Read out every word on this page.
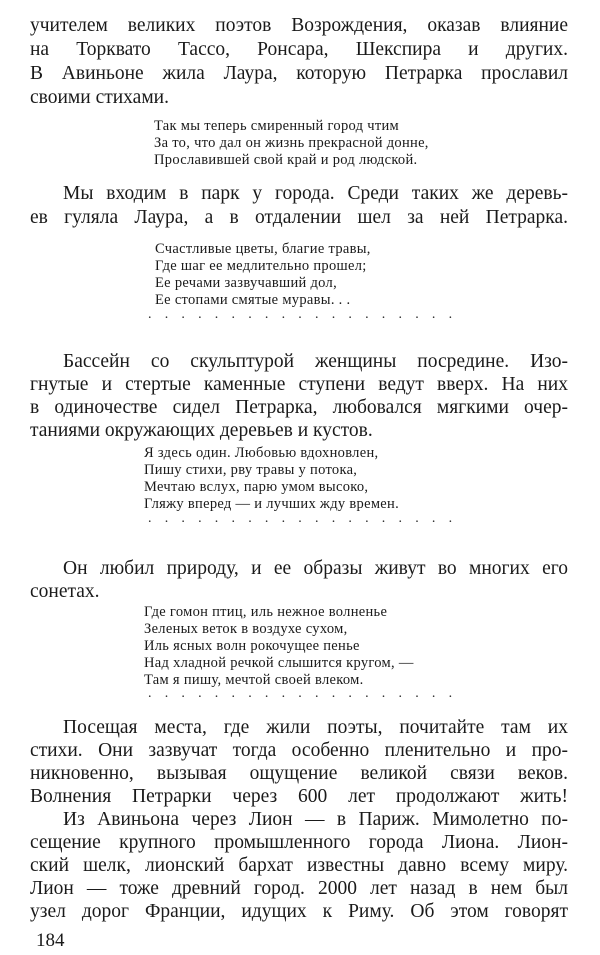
учителем великих поэтов Возрождения, оказав влияние
на Торквато Тассо, Ронсара, Шекспира и других.
В Авиньоне жила Лаура, которую Петрарка прославил
своими стихами.
Так мы теперь смиренный город чтим
За то, что дал он жизнь прекрасной донне,
Прославившей свой край и род людской.
Мы входим в парк у города. Среди таких же деревь-
ев гуляла Лаура, а в отдалении шел за ней Петрарка.
Счастливые цветы, благие травы,
Где шаг ее медлительно прошел;
Ее речами зазвучавший дол,
Ее стопами смятые муравы. . .
...................
Бассейн со скульптурой женщины посредине. Изо-
гнутые и стертые каменные ступени ведут вверх. На них
в одиночестве сидел Петрарка, любовался мягкими очер-
таниями окружающих деревьев и кустов.
Я здесь один. Любовью вдохновлен,
Пишу стихи, рву травы у потока,
Мечтаю вслух, парю умом высоко,
Гляжу вперед — и лучших жду времен.
...................
Он любил природу, и ее образы живут во многих его
сонетах.
Где гомон птиц, иль нежное волненье
Зеленых веток в воздухе сухом,
Иль ясных волн рокочущее пенье
Над хладной речкой слышится кругом, —
Там я пишу, мечтой своей влеком.
...................
Посещая места, где жили поэты, почитайте там их
стихи. Они зазвучат тогда особенно пленительно и про-
никновенно, вызывая ощущение великой связи веков.
Волнения Петрарки через 600 лет продолжают жить!
Из Авиньона через Лион — в Париж. Мимолетно по-
сещение крупного промышленного города Лиона. Лион-
ский шелк, лионский бархат известны давно всему миру.
Лион — тоже древний город. 2000 лет назад в нем был
узел дорог Франции, идущих к Риму. Об этом говорят
184
